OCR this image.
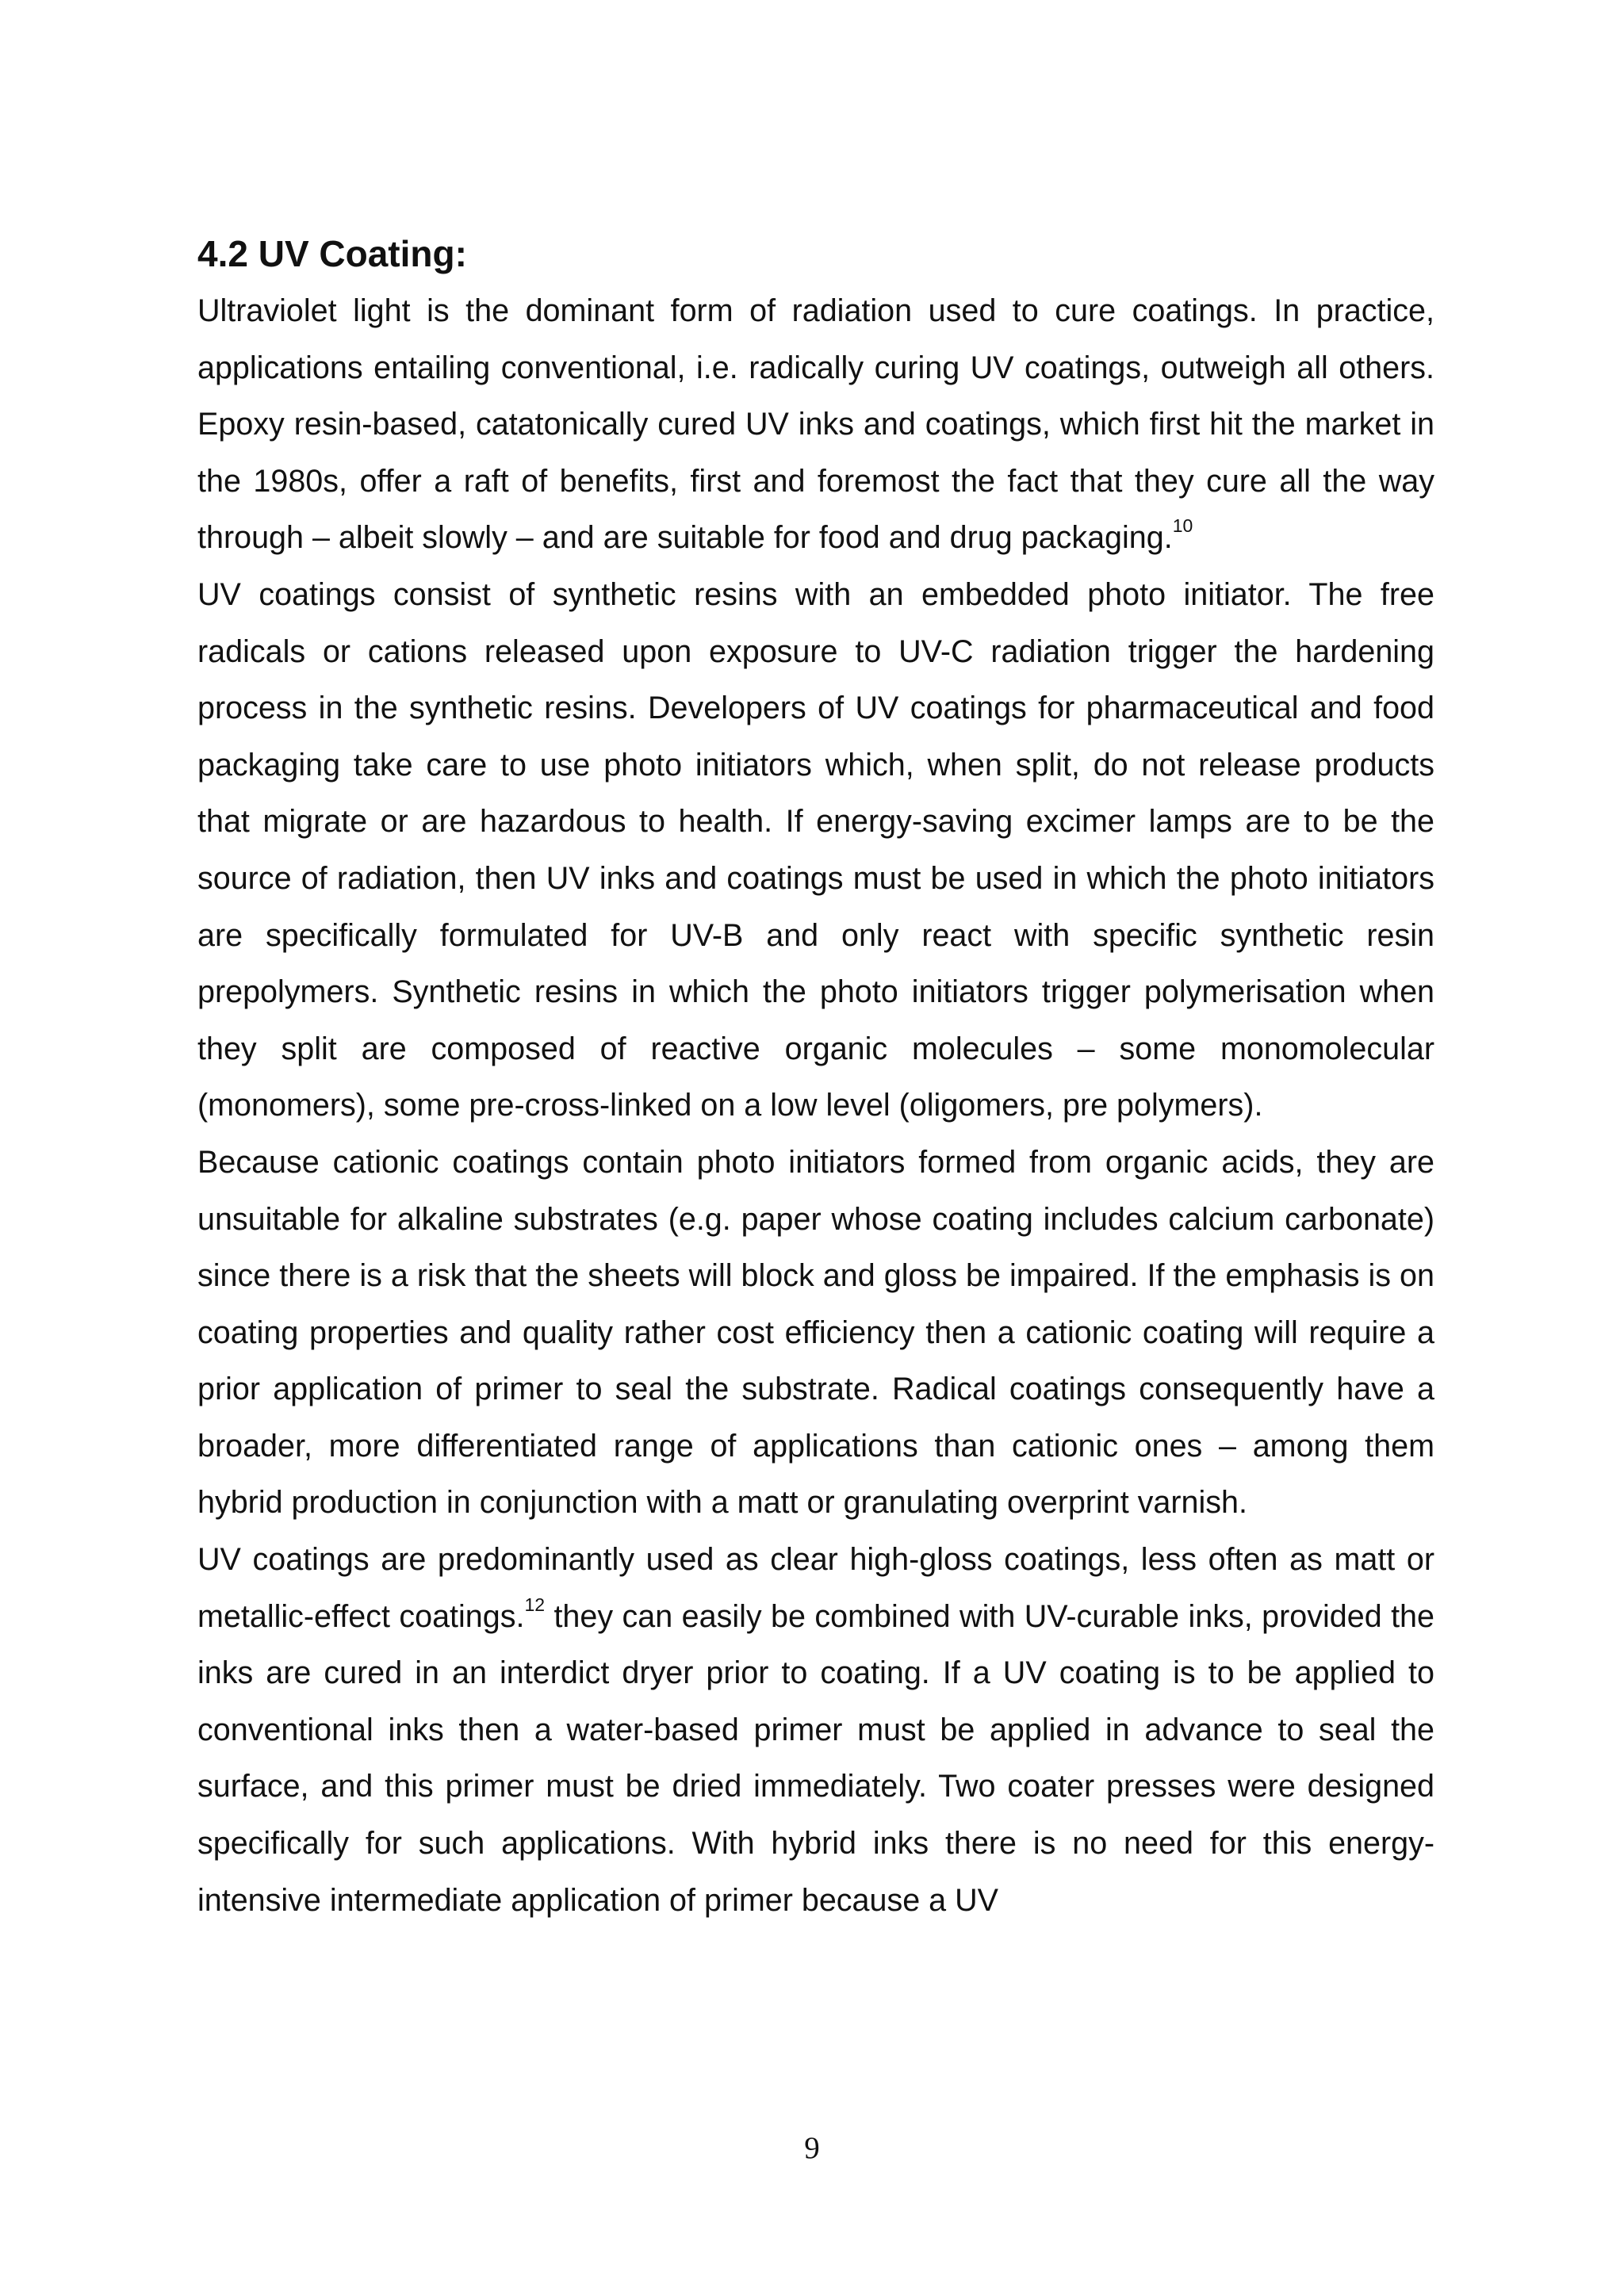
4.2 UV Coating:

Ultraviolet light is the dominant form of radiation used to cure coatings. In practice, applications entailing conventional, i.e. radically curing UV coatings, outweigh all others. Epoxy resin-based, catatonically cured UV inks and coatings, which first hit the market in the 1980s, offer a raft of benefits, first and foremost the fact that they cure all the way through – albeit slowly – and are suitable for food and drug packaging.$^{10}$

UV coatings consist of synthetic resins with an embedded photo initiator. The free radicals or cations released upon exposure to UV-C radiation trigger the hardening process in the synthetic resins. Developers of UV coatings for pharmaceutical and food packaging take care to use photo initiators which, when split, do not release products that migrate or are hazardous to health. If energy-saving excimer lamps are to be the source of radiation, then UV inks and coatings must be used in which the photo initiators are specifically formulated for UV-B and only react with specific synthetic resin prepolymers. Synthetic resins in which the photo initiators trigger polymerisation when they split are composed of reactive organic molecules – some monomolecular (monomers), some pre-cross-linked on a low level (oligomers, pre polymers).

Because cationic coatings contain photo initiators formed from organic acids, they are unsuitable for alkaline substrates (e.g. paper whose coating includes calcium carbonate) since there is a risk that the sheets will block and gloss be impaired. If the emphasis is on coating properties and quality rather cost efficiency then a cationic coating will require a prior application of primer to seal the substrate. Radical coatings consequently have a broader, more differentiated range of applications than cationic ones – among them hybrid production in conjunction with a matt or granulating overprint varnish.

UV coatings are predominantly used as clear high-gloss coatings, less often as matt or metallic-effect coatings.$^{12}$ they can easily be combined with UV-curable inks, provided the inks are cured in an interdict dryer prior to coating. If a UV coating is to be applied to conventional inks then a water-based primer must be applied in advance to seal the surface, and this primer must be dried immediately. Two coater presses were designed specifically for such applications. With hybrid inks there is no need for this energy-intensive intermediate application of primer because a UV

9
